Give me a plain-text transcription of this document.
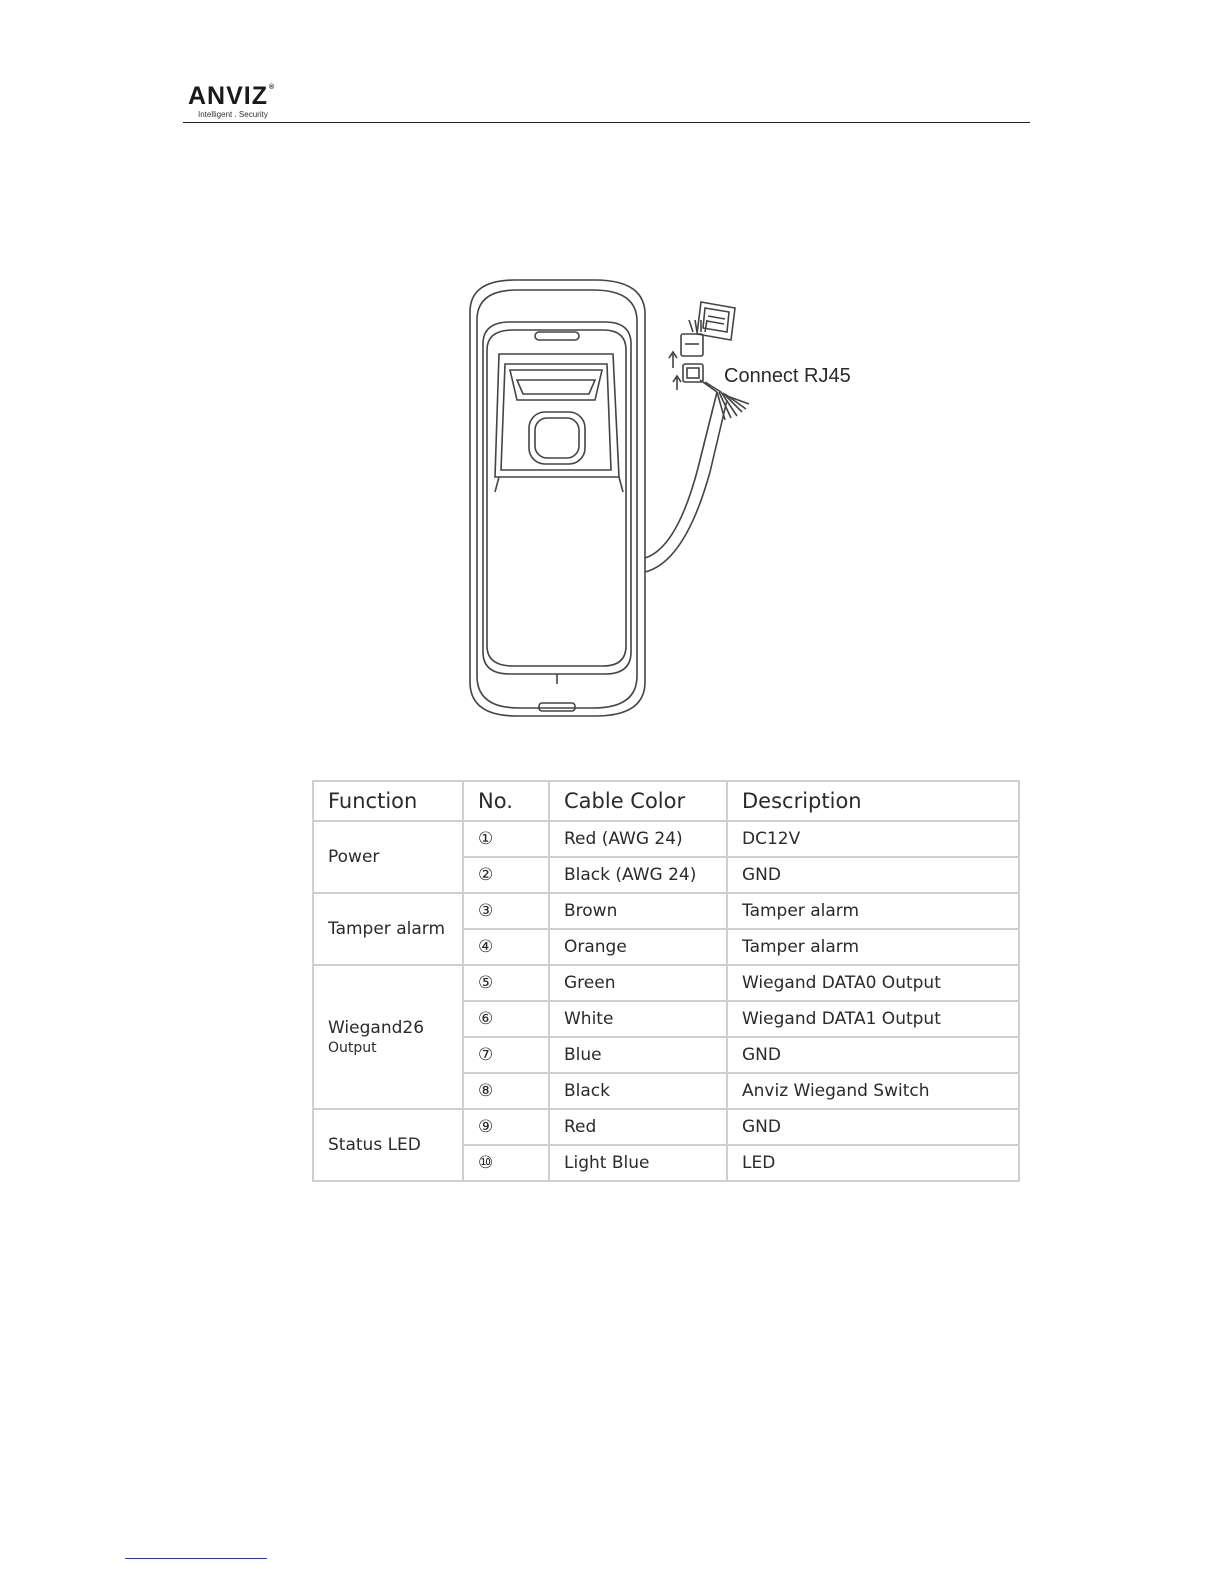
ANVIZ®
Intelligent . Security
Connect RJ45
Function	No.	Cable Color	Description
Power	①	Red (AWG 24)	DC12V
	②	Black (AWG 24)	GND
Tamper alarm	③	Brown	Tamper alarm
	④	Orange	Tamper alarm
Wiegand26
Output	⑤	Green	Wiegand DATA0 Output
	⑥	White	Wiegand DATA1 Output
	⑦	Blue	GND
	⑧	Black	Anviz Wiegand Switch
Status LED	⑨	Red	GND
	⑩	Light Blue	LED
